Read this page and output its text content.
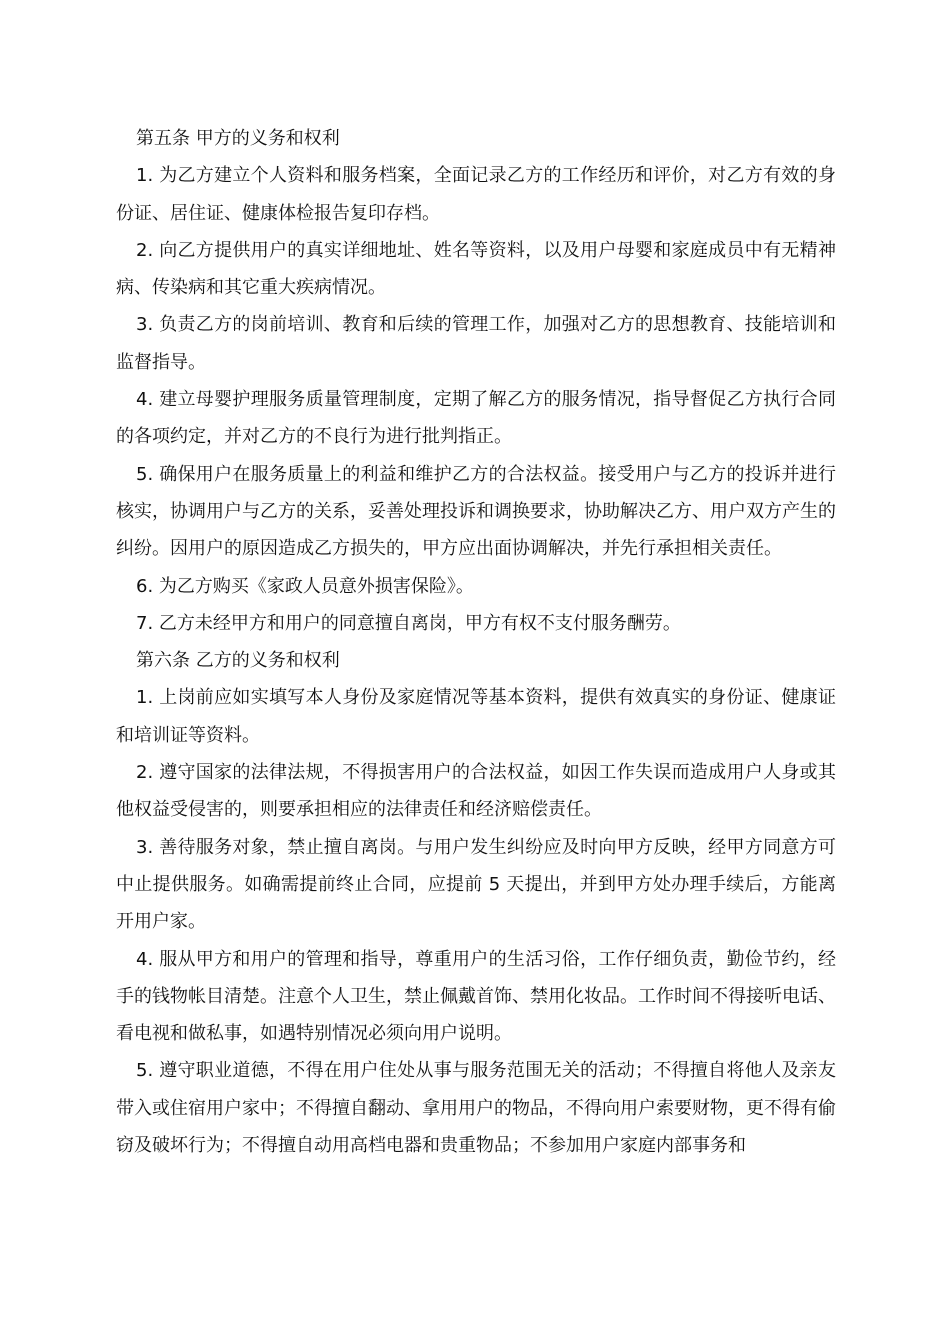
第五条 甲方的义务和权利

1. 为乙方建立个人资料和服务档案，全面记录乙方的工作经历和评价，对乙方有效的身份证、居住证、健康体检报告复印存档。

2. 向乙方提供用户的真实详细地址、姓名等资料，以及用户母婴和家庭成员中有无精神病、传染病和其它重大疾病情况。

3. 负责乙方的岗前培训、教育和后续的管理工作，加强对乙方的思想教育、技能培训和监督指导。

4. 建立母婴护理服务质量管理制度，定期了解乙方的服务情况，指导督促乙方执行合同的各项约定，并对乙方的不良行为进行批判指正。

5. 确保用户在服务质量上的利益和维护乙方的合法权益。接受用户与乙方的投诉并进行核实，协调用户与乙方的关系，妥善处理投诉和调换要求，协助解决乙方、用户双方产生的纠纷。因用户的原因造成乙方损失的，甲方应出面协调解决，并先行承担相关责任。

6. 为乙方购买《家政人员意外损害保险》。

7. 乙方未经甲方和用户的同意擅自离岗，甲方有权不支付服务酬劳。

第六条 乙方的义务和权利

1. 上岗前应如实填写本人身份及家庭情况等基本资料，提供有效真实的身份证、健康证和培训证等资料。

2. 遵守国家的法律法规，不得损害用户的合法权益，如因工作失误而造成用户人身或其他权益受侵害的，则要承担相应的法律责任和经济赔偿责任。

3. 善待服务对象，禁止擅自离岗。与用户发生纠纷应及时向甲方反映，经甲方同意方可中止提供服务。如确需提前终止合同，应提前 5 天提出，并到甲方处办理手续后，方能离开用户家。

4. 服从甲方和用户的管理和指导，尊重用户的生活习俗，工作仔细负责，勤俭节约，经手的钱物帐目清楚。注意个人卫生，禁止佩戴首饰、禁用化妆品。工作时间不得接听电话、看电视和做私事，如遇特别情况必须向用户说明。

5. 遵守职业道德，不得在用户住处从事与服务范围无关的活动；不得擅自将他人及亲友带入或住宿用户家中；不得擅自翻动、拿用用户的物品，不得向用户索要财物，更不得有偷窃及破坏行为；不得擅自动用高档电器和贵重物品；不参加用户家庭内部事务和
